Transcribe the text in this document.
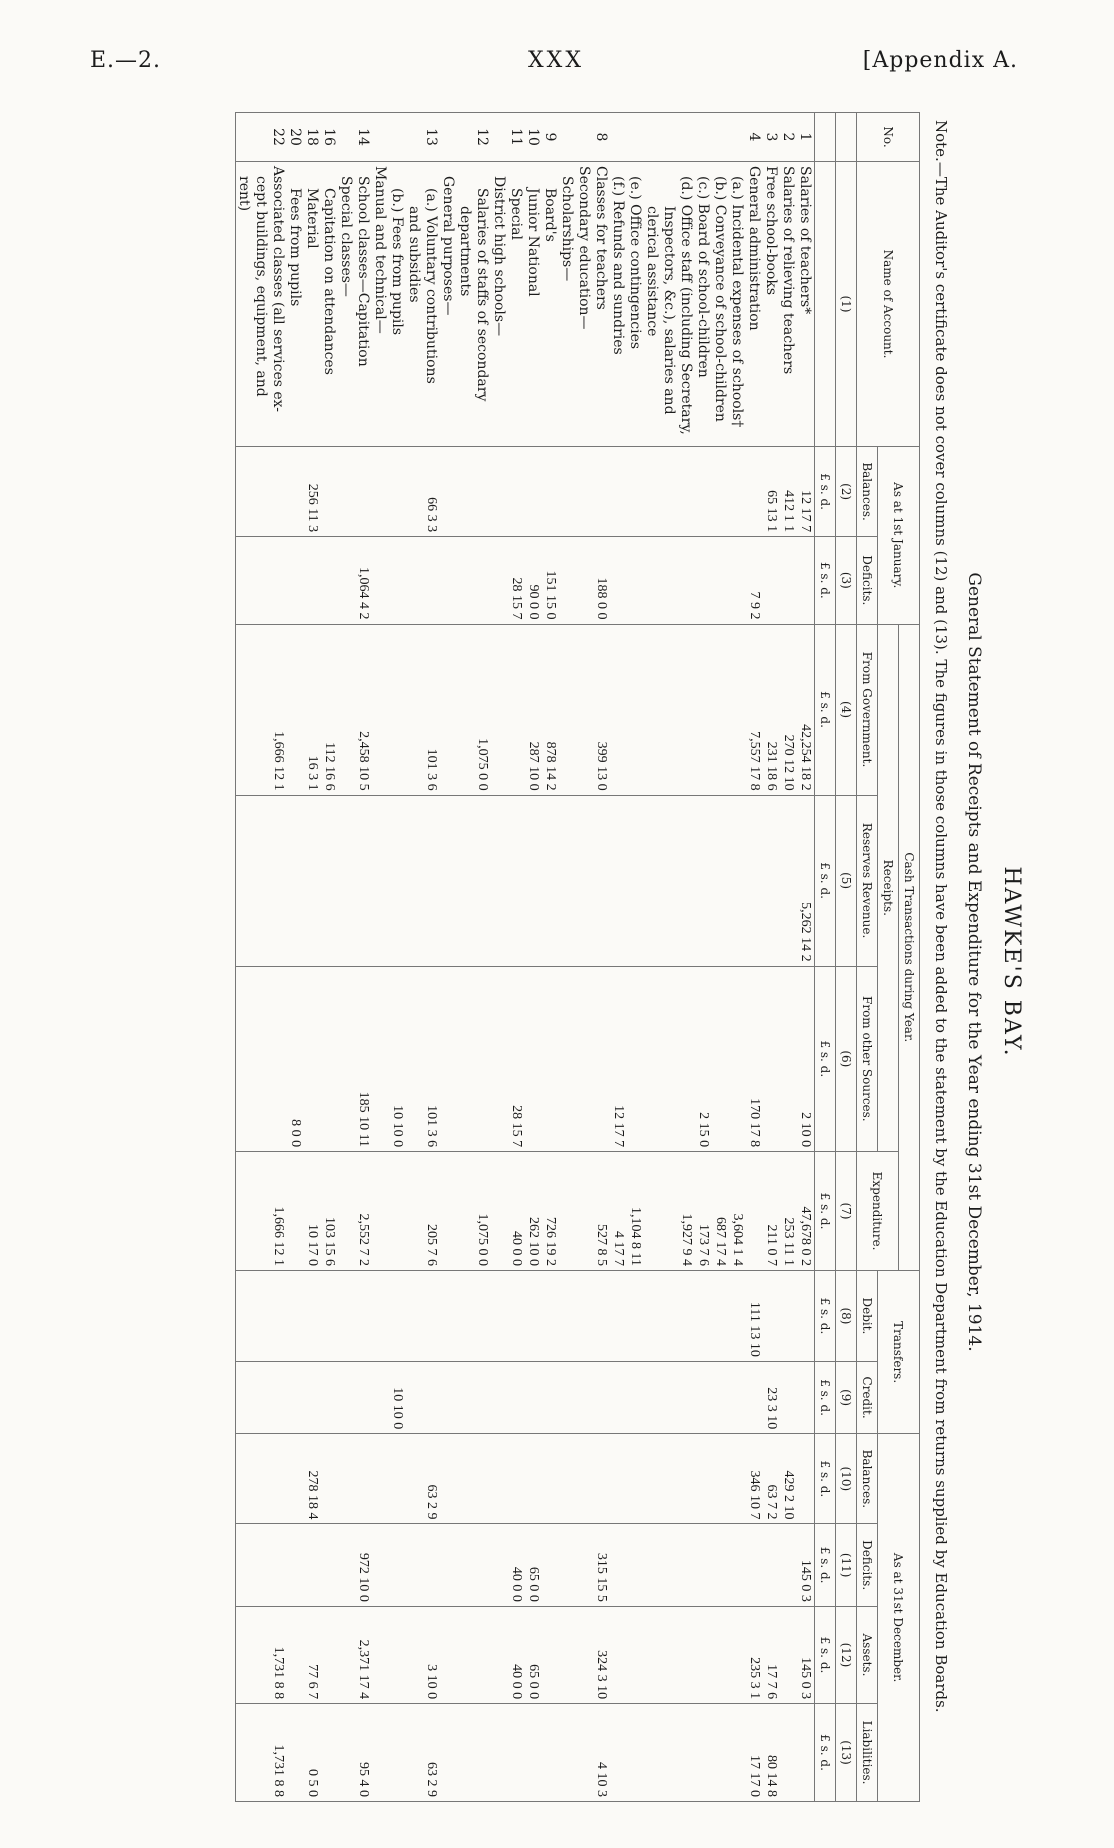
E.—2.	XXX	[Appendix A.
HAWKE'S BAY.
General Statement of Receipts and Expenditure for the Year ending 31st December, 1914.
Note.—The Auditor's certificate does not cover columns (12) and (13). The figures in those columns have been added to the statement by the Education Department from returns supplied by Education Boards.
No.	Name of Account.	As at 1st January.		Cash Transactions during Year.				Transfers.		As at 31st December.			
				Receipts.			Expenditure.						
		Balances.	Deficits.	From Government.	Reserves Revenue.	From other Sources.		Debit.	Credit.	Balances.	Deficits.	Assets.	Liabilities.
	(1)	(2)	(3)	(4)	(5)	(6)	(7)	(8)	(9)	(10)	(11)	(12)	(13)
		£ s. d.	£ s. d.	£ s. d.	£ s. d.	£ s. d.	£ s. d.	£ s. d.	£ s. d.	£ s. d.	£ s. d.	£ s. d.	£ s. d.
1	Salaries of teachers*	12 17 7		42,254 18 2	5,262 14 2	2 10 0	47,678 0 2				145 0 3	145 0 3	
2	Salaries of relieving teachers	412 1 1		270 12 10			253 11 1			429 2 10			
3	Free school-books	65 13 1		231 18 6			211 0 7		23 3 10	63 7 2		17 7 6	80 14 8
4	General administration		7 9 2	7,557 17 8		170 17 8		111 13 10		346 10 7		235 3 1	17 17 0
	(a.) Incidental expenses of schools†						3,604 1 4						
	(b.) Conveyance of school-children						687 17 4						
	(c.) Board of school-children					2 15 0	173 7 6						
	(d.) Office staff (including Secretary,						1,927 9 4						
	Inspectors, &c.), salaries and												
	clerical assistance												
	(e.) Office contingencies						1,104 8 11						
	(f.) Refunds and sundries					12 17 7	4 17 7						
8	Classes for teachers		188 0 0	399 13 0			527 8 5				315 15 5	324 3 10	4 10 3
	Secondary education—												
	Scholarships—												
9	Board's		151 15 0	878 14 2			726 19 2						
10	Junior National		90 0 0	287 10 0			262 10 0				65 0 0	65 0 0	
11	Special		28 15 7			28 15 7	40 0 0				40 0 0	40 0 0	
	District high schools—												
12	Salaries of staffs of secondary			1,075 0 0			1,075 0 0						
	departments												
	General purposes—												
13	(a.) Voluntary contributions	66 3 3		101 3 6		101 3 6	205 7 6			63 2 9		3 10 0	63 2 9
	and subsidies												
	(b.) Fees from pupils					10 10 0			10 10 0				
	Manual and technical—												
14	School classes—Capitation		1,064 4 2	2,458 10 5		185 10 11	2,552 7 2				972 10 0	2,371 17 4	95 4 0
	Special classes—												
16	Capitation on attendances			112 16 6			103 15 6						
18	Material	256 11 3		16 3 1			10 17 0			278 18 4		77 6 7	0 5 0
20	Fees from pupils					8 0 0							
22	Associated classes (all services ex-			1,666 12 1			1,666 12 1					1,731 8 8	1,731 8 8
	cept buildings, equipment, and												
	rent)												
